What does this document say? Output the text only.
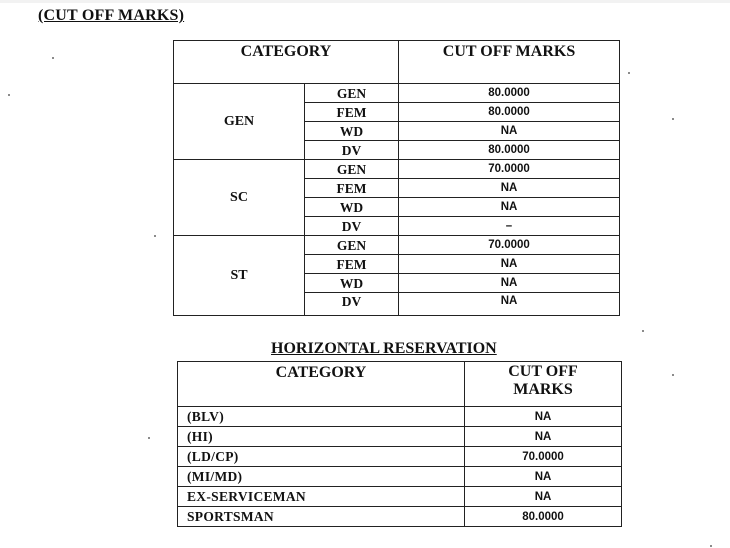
(CUT OFF MARKS)
CATEGORY		CUT OFF MARKS
GEN	GEN	80.0000
	FEM	80.0000
	WD	NA
	DV	80.0000
SC	GEN	70.0000
	FEM	NA
	WD	NA
	DV	–
ST	GEN	70.0000
	FEM	NA
	WD	NA
	DV	NA
HORIZONTAL RESERVATION
CATEGORY	CUT OFF
MARKS

(BLV)	NA
(HI)	NA
(LD/CP)	70.0000
(MI/MD)	NA
EX-SERVICEMAN	NA
SPORTSMAN	80.0000
